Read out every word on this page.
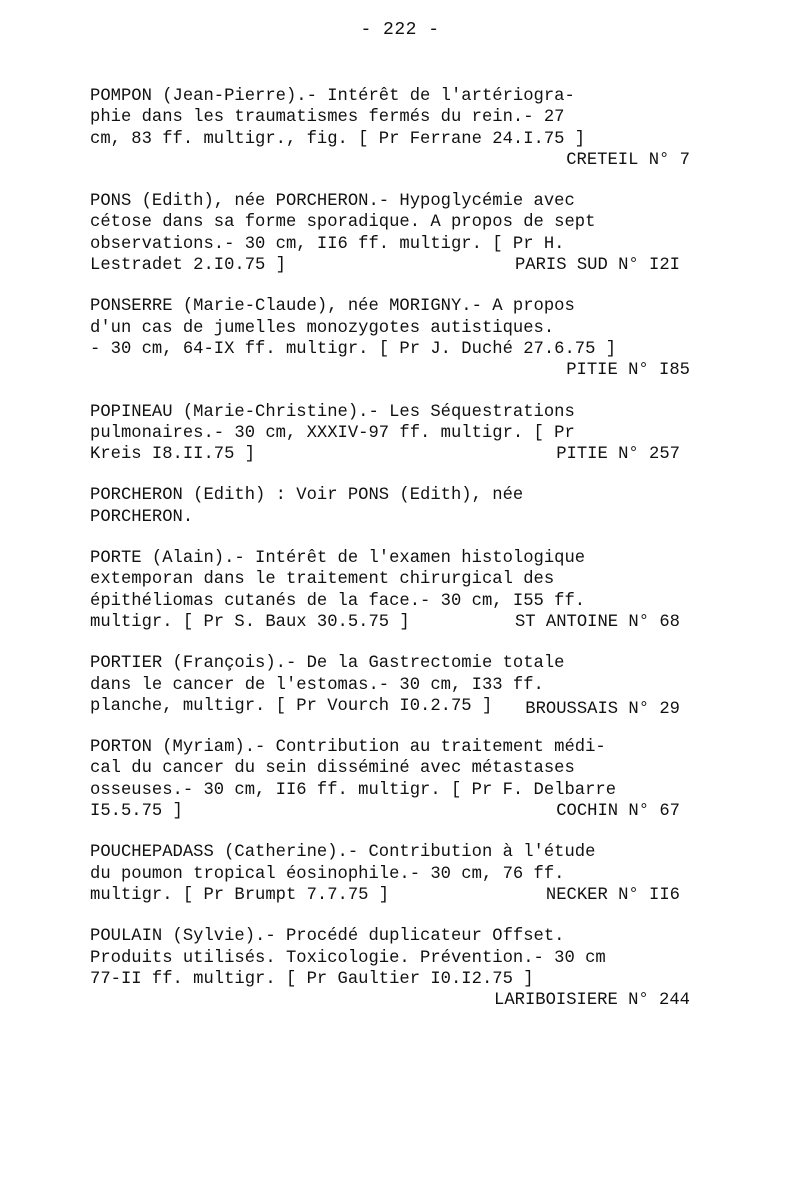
- 222 -
POMPON (Jean-Pierre).- Intérêt de l'artériogra-
phie dans les traumatismes fermés du rein.- 27
cm, 83 ff. multigr., fig. [ Pr Ferrane 24.I.75 ]
CRETEIL N° 7
PONS (Edith), née PORCHERON.- Hypoglycémie avec
cétose dans sa forme sporadique. A propos de sept
observations.- 30 cm, II6 ff. multigr. [ Pr H.
Lestradet 2.I0.75 ]	PARIS SUD N° I2I
PONSERRE (Marie-Claude), née MORIGNY.- A propos
d'un cas de jumelles monozygotes autistiques.
- 30 cm, 64-IX ff. multigr. [ Pr J. Duché 27.6.75 ]
PITIE N° I85
POPINEAU (Marie-Christine).- Les Séquestrations
pulmonaires.- 30 cm, XXXIV-97 ff. multigr. [ Pr
Kreis I8.II.75 ]	PITIE N° 257
PORCHERON (Edith) : Voir PONS (Edith), née
PORCHERON.
PORTE (Alain).- Intérêt de l'examen histologique
extemporan dans le traitement chirurgical des
épithéliomas cutanés de la face.- 30 cm, I55 ff.
multigr. [ Pr S. Baux 30.5.75 ]	ST ANTOINE N° 68
PORTIER (François).- De la Gastrectomie totale
dans le cancer de l'estomas.- 30 cm, I33 ff.
planche, multigr. [ Pr Vourch I0.2.75 ]	BROUSSAIS N° 29
PORTON (Myriam).- Contribution au traitement médi-
cal du cancer du sein disséminé avec métastases
osseuses.- 30 cm, II6 ff. multigr. [ Pr F. Delbarre
I5.5.75 ]	COCHIN N° 67
POUCHEPADASS (Catherine).- Contribution à l'étude
du poumon tropical éosinophile.- 30 cm, 76 ff.
multigr. [ Pr Brumpt 7.7.75 ]	NECKER N° II6
POULAIN (Sylvie).- Procédé duplicateur Offset.
Produits utilisés. Toxicologie. Prévention.- 30 cm
77-II ff. multigr. [ Pr Gaultier I0.I2.75 ]
LARIBOISIERE N° 244
